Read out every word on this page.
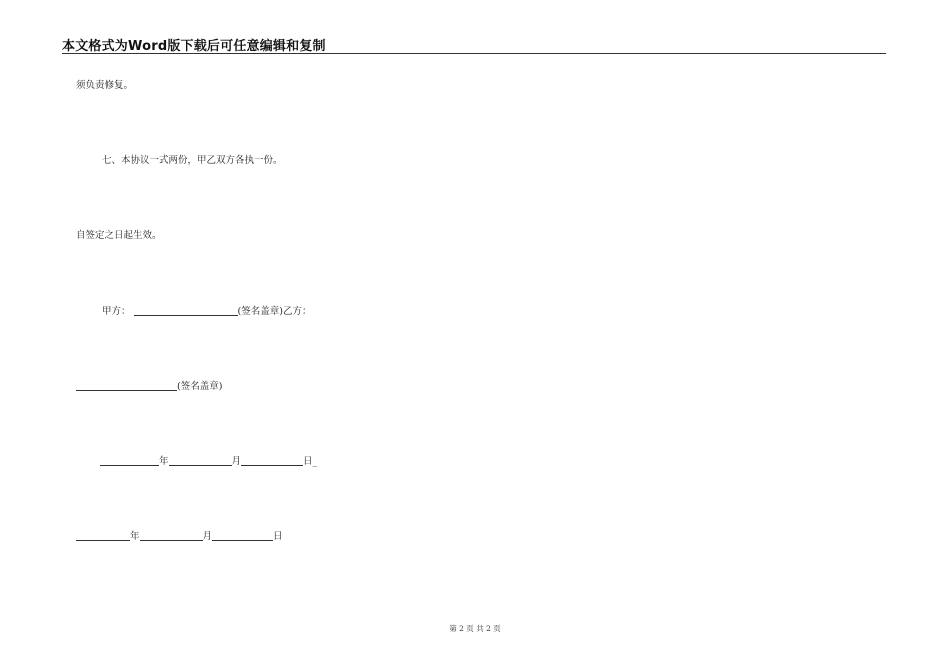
本文格式为Word版下载后可任意编辑和复制
须负责修复。
七、本协议一式两份，甲乙双方各执一份。
自签定之日起生效。
甲方：	(签名盖章)乙方：
(签名盖章)
年	月	日_
年	月	日
第 2 页 共 2 页
